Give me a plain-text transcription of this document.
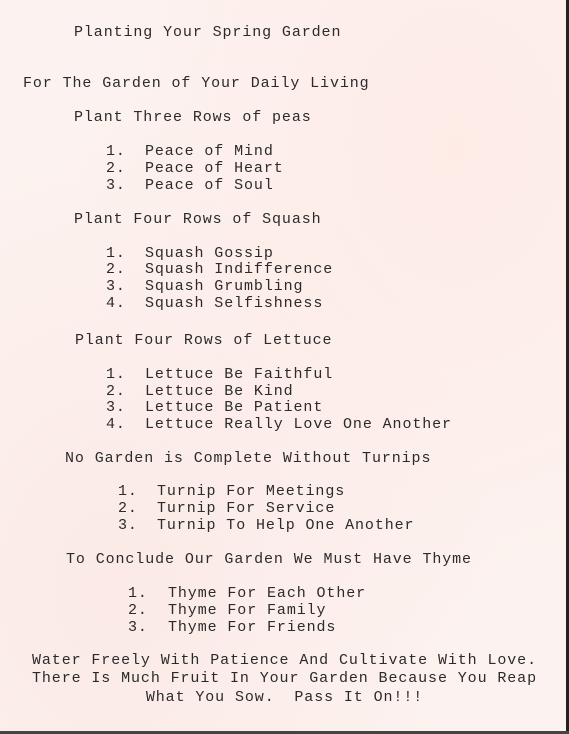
Planting Your Spring Garden
For The Garden of Your Daily Living
Plant Three Rows of peas
1. Peace of Mind
2. Peace of Heart
3. Peace of Soul
Plant Four Rows of Squash
1. Squash Gossip
2. Squash Indifference
3. Squash Grumbling
4. Squash Selfishness
Plant Four Rows of Lettuce
1. Lettuce Be Faithful
2. Lettuce Be Kind
3. Lettuce Be Patient
4. Lettuce Really Love One Another
No Garden is Complete Without Turnips
1. Turnip For Meetings
2. Turnip For Service
3. Turnip To Help One Another
To Conclude Our Garden We Must Have Thyme
1. Thyme For Each Other
2. Thyme For Family
3. Thyme For Friends
Water Freely With Patience And Cultivate With Love.
There Is Much Fruit In Your Garden Because You Reap
What You Sow.  Pass It On!!!
